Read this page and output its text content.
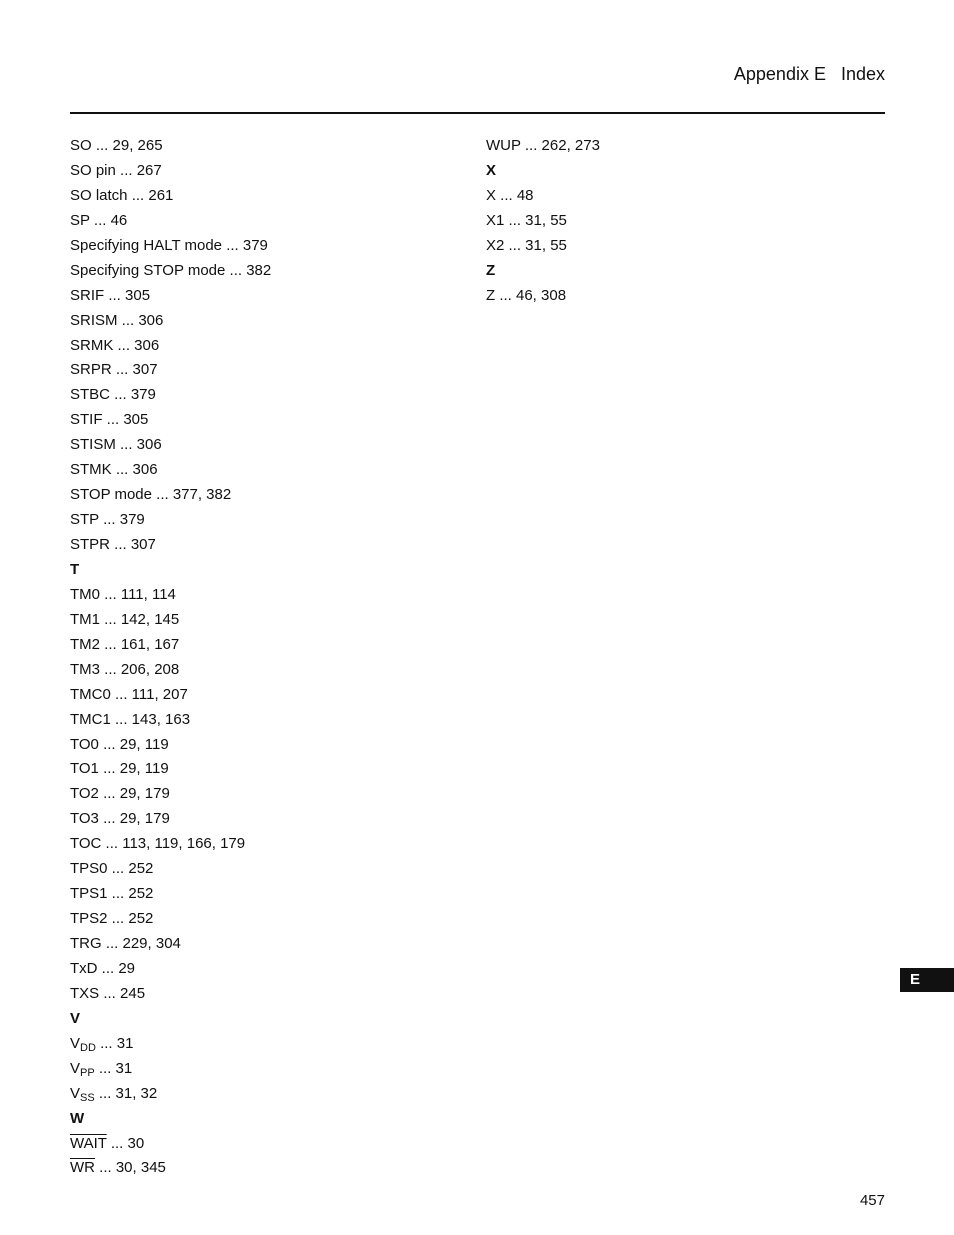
Appendix E   Index
SO ... 29, 265
SO pin ... 267
SO latch ... 261
SP ... 46
Specifying HALT mode ... 379
Specifying STOP mode ... 382
SRIF ... 305
SRISM ... 306
SRMK ... 306
SRPR ... 307
STBC ... 379
STIF ... 305
STISM ... 306
STMK ... 306
STOP mode ... 377, 382
STP ... 379
STPR ... 307
T
TM0 ... 111, 114
TM1 ... 142, 145
TM2 ... 161, 167
TM3 ... 206, 208
TMC0 ... 111, 207
TMC1 ... 143, 163
TO0 ... 29, 119
TO1 ... 29, 119
TO2 ... 29, 179
TO3 ... 29, 179
TOC ... 113, 119, 166, 179
TPS0 ... 252
TPS1 ... 252
TPS2 ... 252
TRG ... 229, 304
TxD ... 29
TXS ... 245
V
$V_{DD}$ ... 31
$V_{PP}$ ... 31
$V_{SS}$ ... 31, 32
W
WAIT ... 30
$\overline{WR}$ ... 30, 345
WUP ... 262, 273
X
X ... 48
X1 ... 31, 55
X2 ... 31, 55
Z
Z ... 46, 308
E
457
